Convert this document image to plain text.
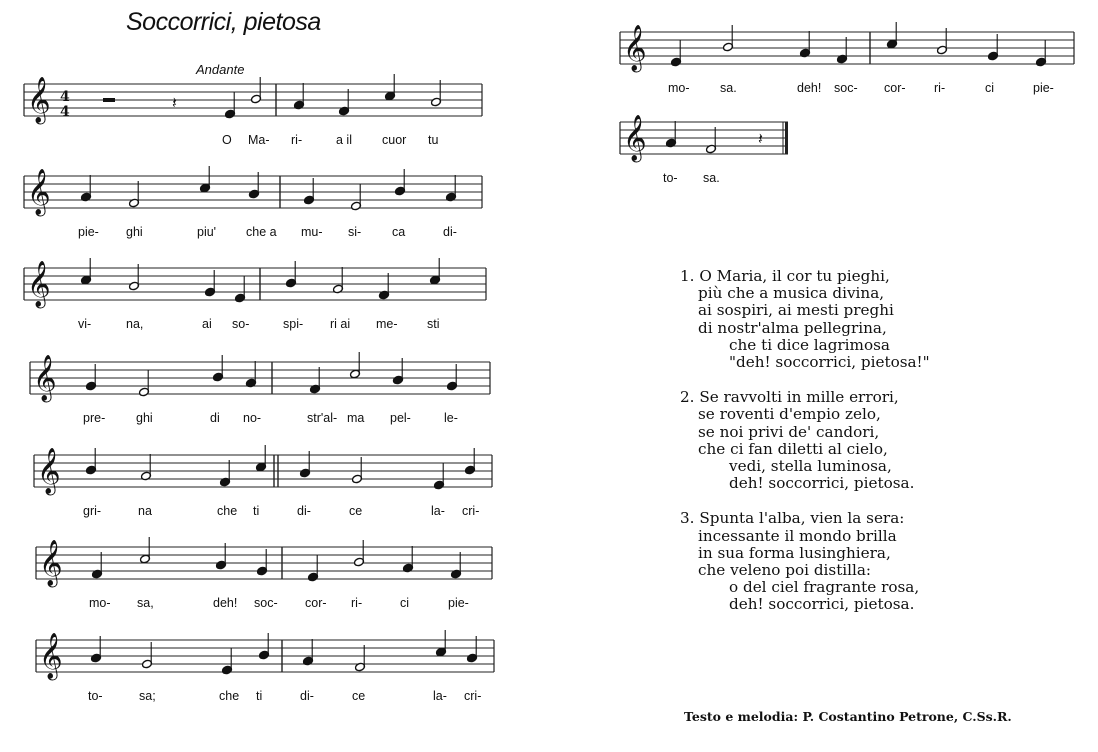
Soccorrici, pietosa
Andante
𝄞
O Ma- ri-	a il cuor tu
𝄞
pie- ghi	piu' che a mu- si- ca	di-
𝄞
vi-	na,	ai so-	spi- ri ai me- sti
𝄞
pre- ghi	di no-	str'al- ma pel-	le-
𝄞
gri-	na	che ti	di-	ce	la- cri-
𝄞
mo- sa,	deh! soc- cor- ri-	ci	pie-
𝄞
to-	sa;	che ti	di-	ce	la- cri-
𝄞
mo- sa.	deh! soc- cor- ri-	ci	pie-
𝄞
to- sa.
𝄽
4
4	𝄽
1. O Maria, il cor tu pieghi,
più che a musica divina,
ai sospiri, ai mesti preghi
di nostr'alma pellegrina,
che ti dice lagrimosa
"deh! soccorrici, pietosa!"
2. Se ravvolti in mille errori,
se roventi d'empio zelo,
se noi privi de' candori,
che ci fan diletti al cielo,
vedi, stella luminosa,
deh! soccorrici, pietosa.
3. Spunta l'alba, vien la sera:
incessante il mondo brilla
in sua forma lusinghiera,
che veleno poi distilla:
o del ciel fragrante rosa,
deh! soccorrici, pietosa.
Testo e melodia: P. Costantino Petrone, C.Ss.R.
